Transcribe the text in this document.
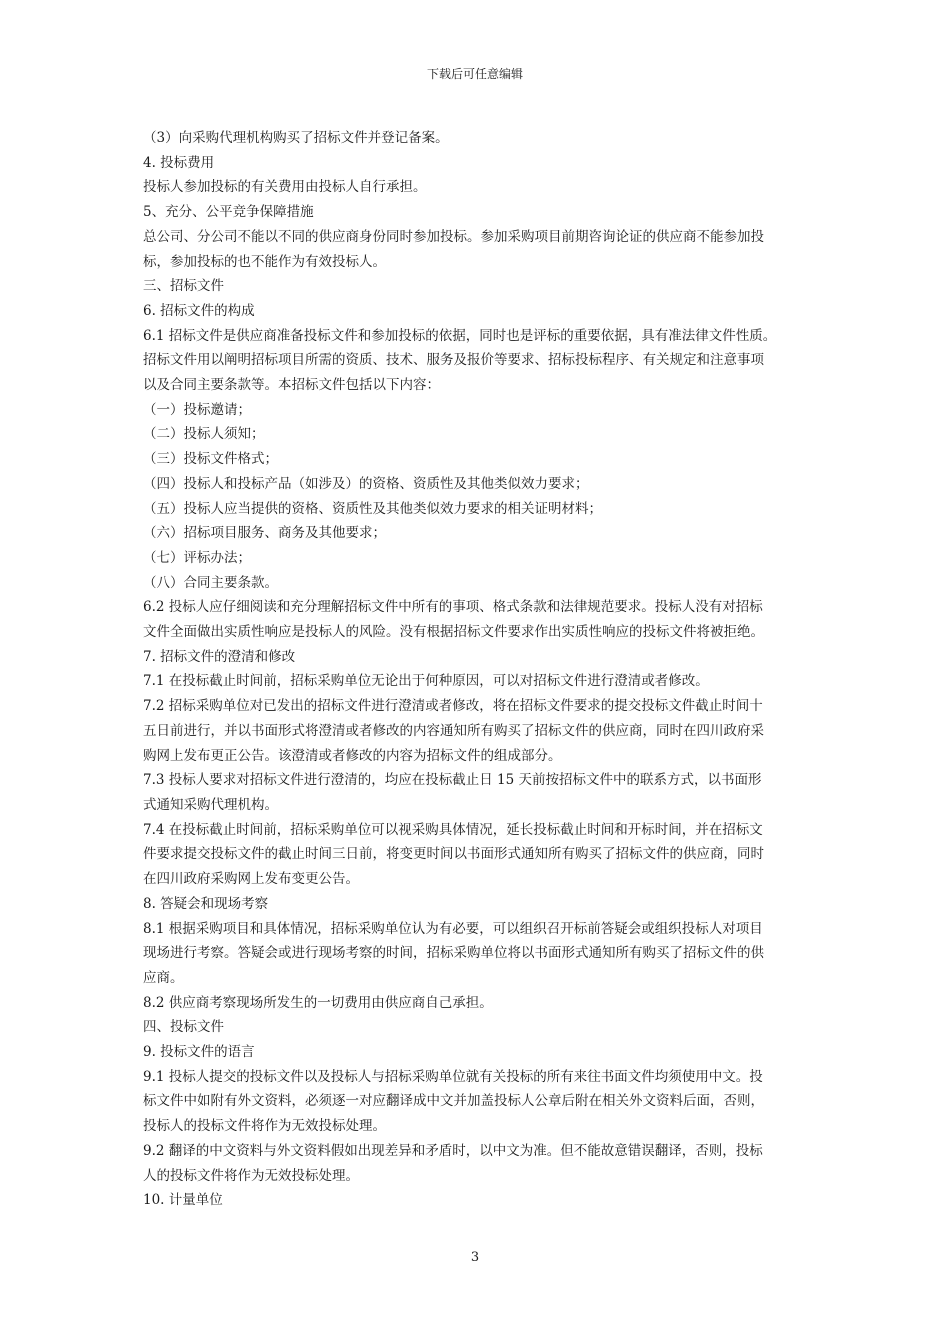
下载后可任意编辑
（3）向采购代理机构购买了招标文件并登记备案。
4. 投标费用
投标人参加投标的有关费用由投标人自行承担。
5、充分、公平竞争保障措施
总公司、分公司不能以不同的供应商身份同时参加投标。参加采购项目前期咨询论证的供应商不能参加投
标，参加投标的也不能作为有效投标人。
三、招标文件
6. 招标文件的构成
6.1 招标文件是供应商准备投标文件和参加投标的依据，同时也是评标的重要依据，具有准法律文件性质。
招标文件用以阐明招标项目所需的资质、技术、服务及报价等要求、招标投标程序、有关规定和注意事项
以及合同主要条款等。本招标文件包括以下内容：
（一）投标邀请；
（二）投标人须知；
（三）投标文件格式；
（四）投标人和投标产品（如涉及）的资格、资质性及其他类似效力要求；
（五）投标人应当提供的资格、资质性及其他类似效力要求的相关证明材料；
（六）招标项目服务、商务及其他要求；
（七）评标办法；
（八）合同主要条款。
6.2 投标人应仔细阅读和充分理解招标文件中所有的事项、格式条款和法律规范要求。投标人没有对招标
文件全面做出实质性响应是投标人的风险。没有根据招标文件要求作出实质性响应的投标文件将被拒绝。
7. 招标文件的澄清和修改
7.1 在投标截止时间前，招标采购单位无论出于何种原因，可以对招标文件进行澄清或者修改。
7.2 招标采购单位对已发出的招标文件进行澄清或者修改，将在招标文件要求的提交投标文件截止时间十
五日前进行，并以书面形式将澄清或者修改的内容通知所有购买了招标文件的供应商，同时在四川政府采
购网上发布更正公告。该澄清或者修改的内容为招标文件的组成部分。
7.3 投标人要求对招标文件进行澄清的，均应在投标截止日 15 天前按招标文件中的联系方式，以书面形
式通知采购代理机构。
7.4 在投标截止时间前，招标采购单位可以视采购具体情况，延长投标截止时间和开标时间，并在招标文
件要求提交投标文件的截止时间三日前，将变更时间以书面形式通知所有购买了招标文件的供应商，同时
在四川政府采购网上发布变更公告。
8. 答疑会和现场考察
8.1 根据采购项目和具体情况，招标采购单位认为有必要，可以组织召开标前答疑会或组织投标人对项目
现场进行考察。答疑会或进行现场考察的时间，招标采购单位将以书面形式通知所有购买了招标文件的供
应商。
8.2 供应商考察现场所发生的一切费用由供应商自己承担。
四、投标文件
9. 投标文件的语言
9.1 投标人提交的投标文件以及投标人与招标采购单位就有关投标的所有来往书面文件均须使用中文。投
标文件中如附有外文资料，必须逐一对应翻译成中文并加盖投标人公章后附在相关外文资料后面，否则，
投标人的投标文件将作为无效投标处理。
9.2 翻译的中文资料与外文资料假如出现差异和矛盾时，以中文为准。但不能故意错误翻译，否则，投标
人的投标文件将作为无效投标处理。
10. 计量单位
3
